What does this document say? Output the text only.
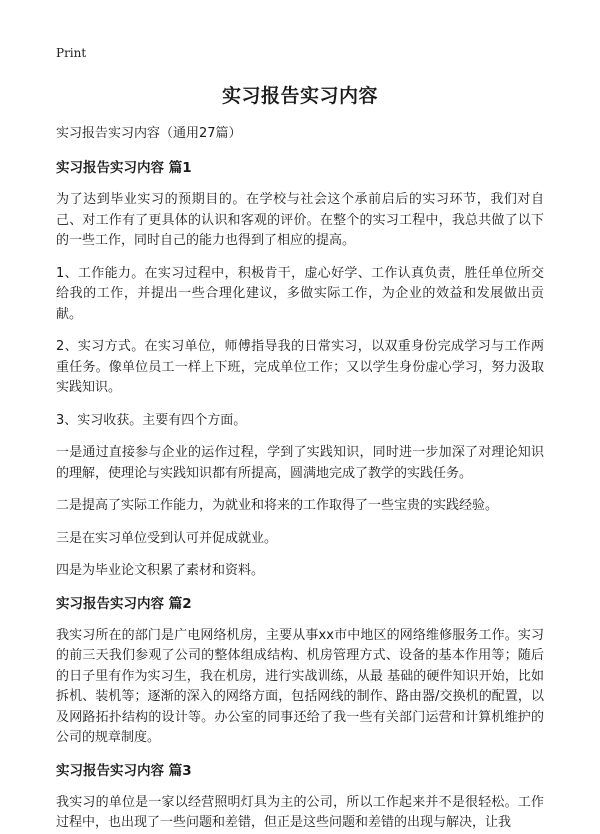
Print
实习报告实习内容
实习报告实习内容（通用27篇）
实习报告实习内容 篇1

为了达到毕业实习的预期目的。在学校与社会这个承前启后的实习环节，我们对自己、对工作有了更具体的认识和客观的评价。在整个的实习工程中，我总共做了以下的一些工作，同时自己的能力也得到了相应的提高。

1、工作能力。在实习过程中，积极肯干，虚心好学、工作认真负责，胜任单位所交给我的工作，并提出一些合理化建议，多做实际工作，为企业的效益和发展做出贡献。

2、实习方式。在实习单位，师傅指导我的日常实习，以双重身份完成学习与工作两重任务。像单位员工一样上下班，完成单位工作；又以学生身份虚心学习，努力汲取实践知识。

3、实习收获。主要有四个方面。

一是通过直接参与企业的运作过程，学到了实践知识，同时进一步加深了对理论知识的理解，使理论与实践知识都有所提高，圆满地完成了教学的实践任务。

二是提高了实际工作能力，为就业和将来的工作取得了一些宝贵的实践经验。

三是在实习单位受到认可并促成就业。

四是为毕业论文积累了素材和资料。

实习报告实习内容 篇2

我实习所在的部门是广电网络机房，主要从事xx市中地区的网络维修服务工作。实习的前三天我们参观了公司的整体组成结构、机房管理方式、设备的基本作用等；随后的日子里有作为实习生，我在机房，进行实战训练，从最 基础的硬件知识开始，比如拆机、装机等；逐渐的深入的网络方面，包括网线的制作、路由器/交换机的配置，以及网路拓扑结构的设计等。办公室的同事还给了我一些有关部门运营和计算机维护的公司的规章制度。

实习报告实习内容 篇3

我实习的单位是一家以经营照明灯具为主的公司，所以工作起来并不是很轻松。工作过程中，也出现了一些问题和差错，但正是这些问题和差错的出现与解决，让我
